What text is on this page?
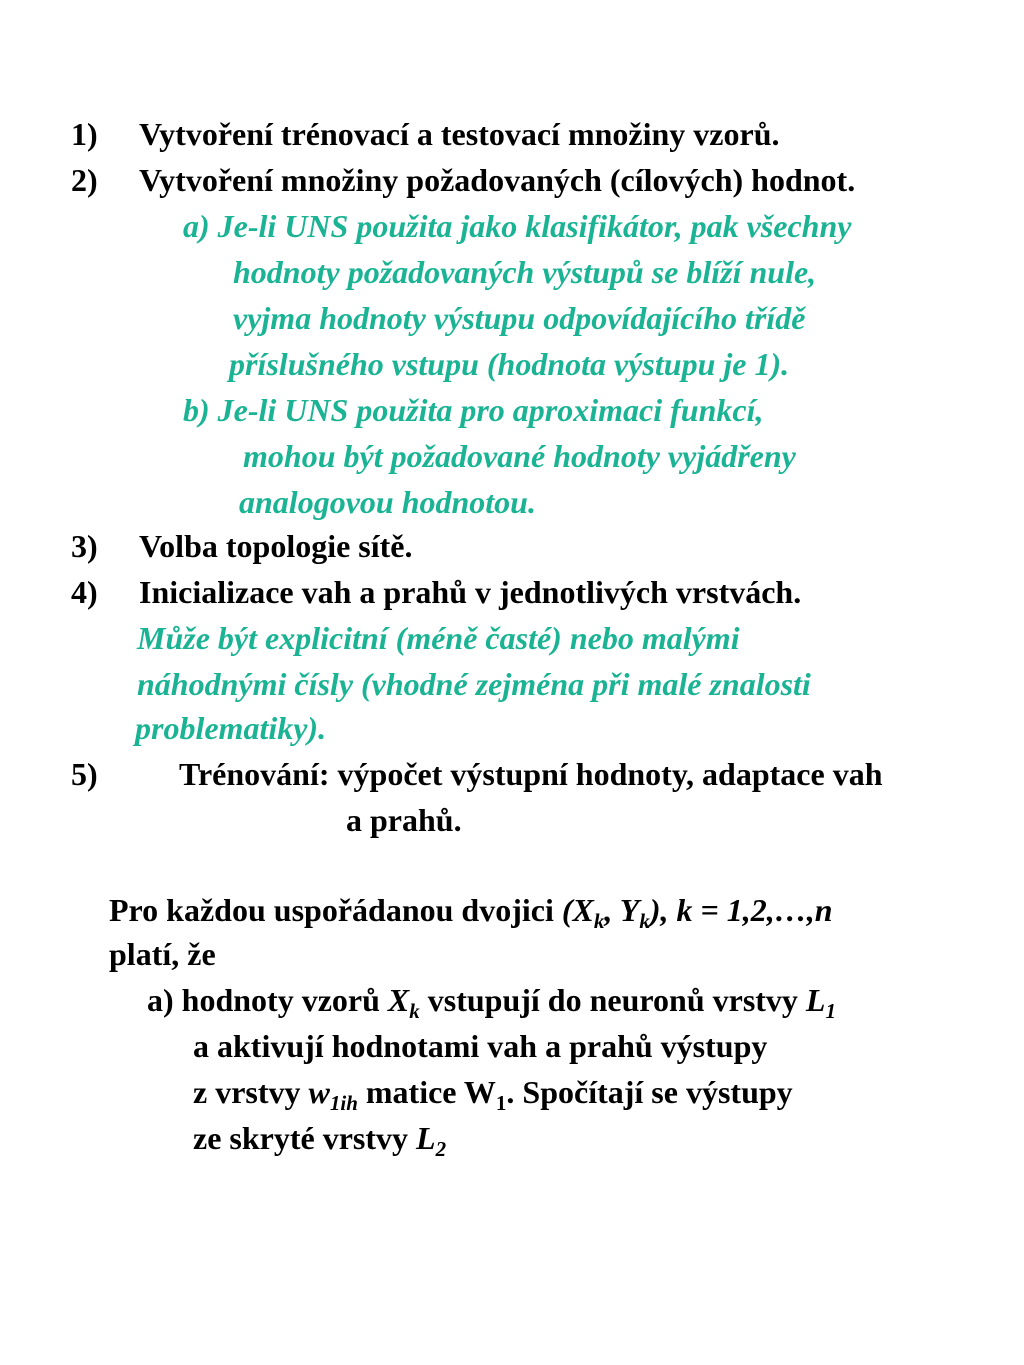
1) Vytvoření trénovací a testovací množiny vzorů.
2) Vytvoření množiny požadovaných (cílových) hodnot.
a) Je-li UNS použita jako klasifikátor, pak všechny
hodnoty požadovaných výstupů se blíží nule,
vyjma hodnoty výstupu odpovídajícího třídě
příslušného vstupu (hodnota výstupu je 1).
b) Je-li UNS použita pro aproximaci funkcí,
mohou být požadované hodnoty vyjádřeny
analogovou hodnotou.
3) Volba topologie sítě.
4) Inicializace vah a prahů v jednotlivých vrstvách.
Může být explicitní (méně časté) nebo malými
náhodnými čísly (vhodné zejména při malé znalosti
problematiky).
5)	Trénování: výpočet výstupní hodnoty, adaptace vah
a prahů.
Pro každou uspořádanou dvojici ($X_k$, $Y_k$), k = 1,2,…,n
platí, že
a) hodnoty vzorů $X_k$ vstupují do neuronů vrstvy $L_1$
a aktivují hodnotami vah a prahů výstupy
z vrstvy $w_{1ih}$ matice $W_1$. Spočítají se výstupy
ze skryté vrstvy $L_2$
